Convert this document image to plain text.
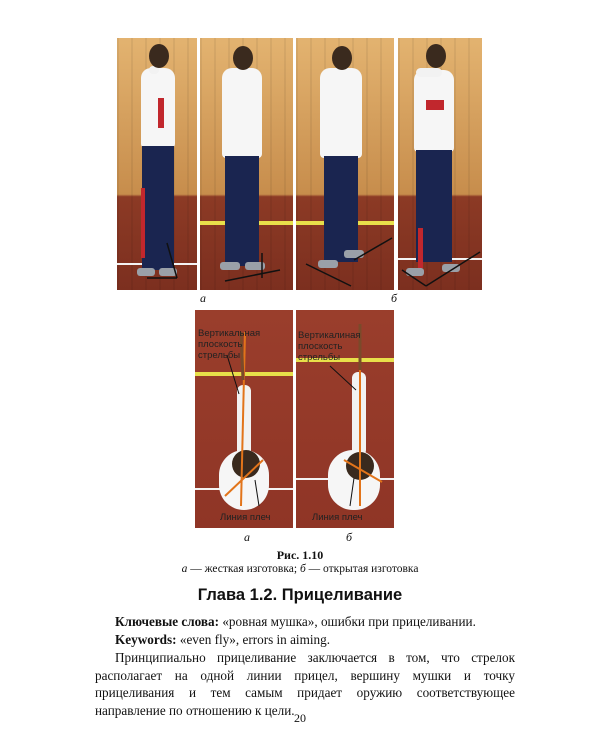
а	б
Вертикальная плоскость стрельбы
Вертикалиная плоскость стрельбы
Линия плеч	Линия плеч
а	б
Рис. 1.10
а — жесткая изготовка; б — открытая изготовка
Глава 1.2. Прицеливание
Ключевые слова: «ровная мушка», ошибки при прицеливании.
Keywords: «even fly», errors in aiming.
Принципиально прицеливание заключается в том, что стрелок располагает на одной линии прицел, вершину мушки и точку прицеливания и тем самым придает оружию соответствующее направление по отношению к цели.
20
